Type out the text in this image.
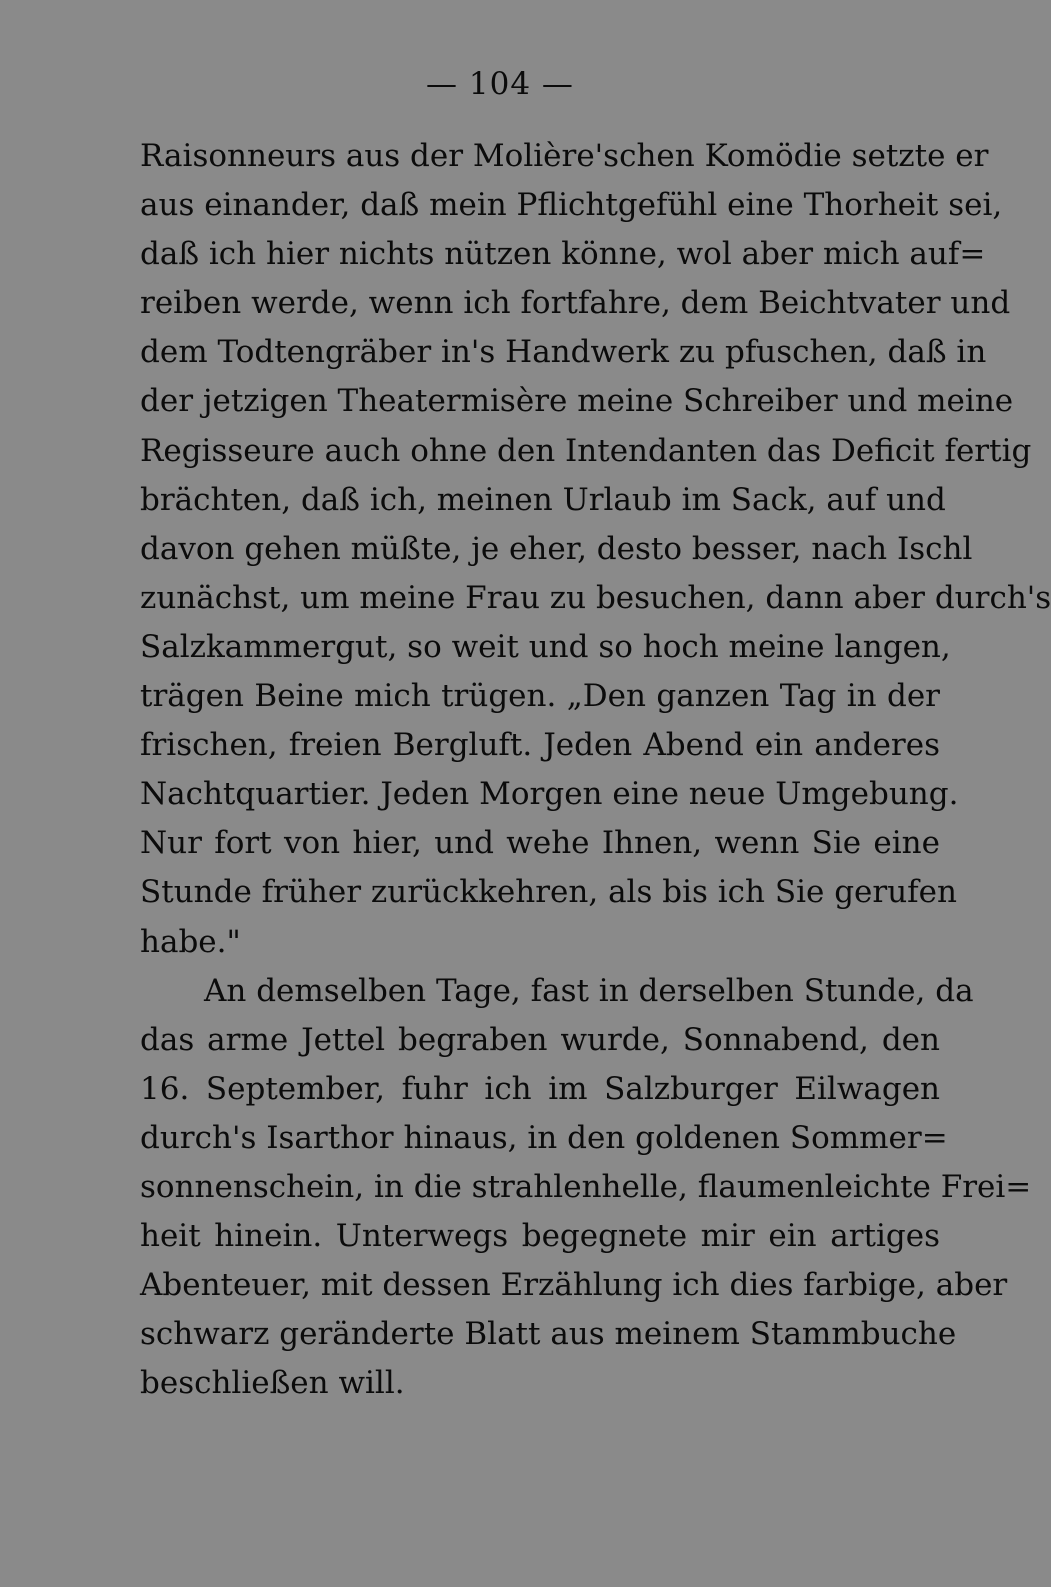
— 104 —
Raisonneurs aus der Molière'schen Komödie setzte er
aus einander, daß mein Pflichtgefühl eine Thorheit sei,
daß ich hier nichts nützen könne, wol aber mich auf=
reiben werde, wenn ich fortfahre, dem Beichtvater und
dem Todtengräber in's Handwerk zu pfuschen, daß in
der jetzigen Theatermisère meine Schreiber und meine
Regisseure auch ohne den Intendanten das Deficit fertig
brächten, daß ich, meinen Urlaub im Sack, auf und
davon gehen müßte, je eher, desto besser, nach Ischl
zunächst, um meine Frau zu besuchen, dann aber durch's
Salzkammergut, so weit und so hoch meine langen,
trägen Beine mich trügen. „Den ganzen Tag in der
frischen, freien Bergluft. Jeden Abend ein anderes
Nachtquartier. Jeden Morgen eine neue Umgebung.
Nur fort von hier, und wehe Ihnen, wenn Sie eine
Stunde früher zurückkehren, als bis ich Sie gerufen
habe."
An demselben Tage, fast in derselben Stunde, da
das arme Jettel begraben wurde, Sonnabend, den
16. September, fuhr ich im Salzburger Eilwagen
durch's Isarthor hinaus, in den goldenen Sommer=
sonnenschein, in die strahlenhelle, flaumenleichte Frei=
heit hinein. Unterwegs begegnete mir ein artiges
Abenteuer, mit dessen Erzählung ich dies farbige, aber
schwarz geränderte Blatt aus meinem Stammbuche
beschließen will.
